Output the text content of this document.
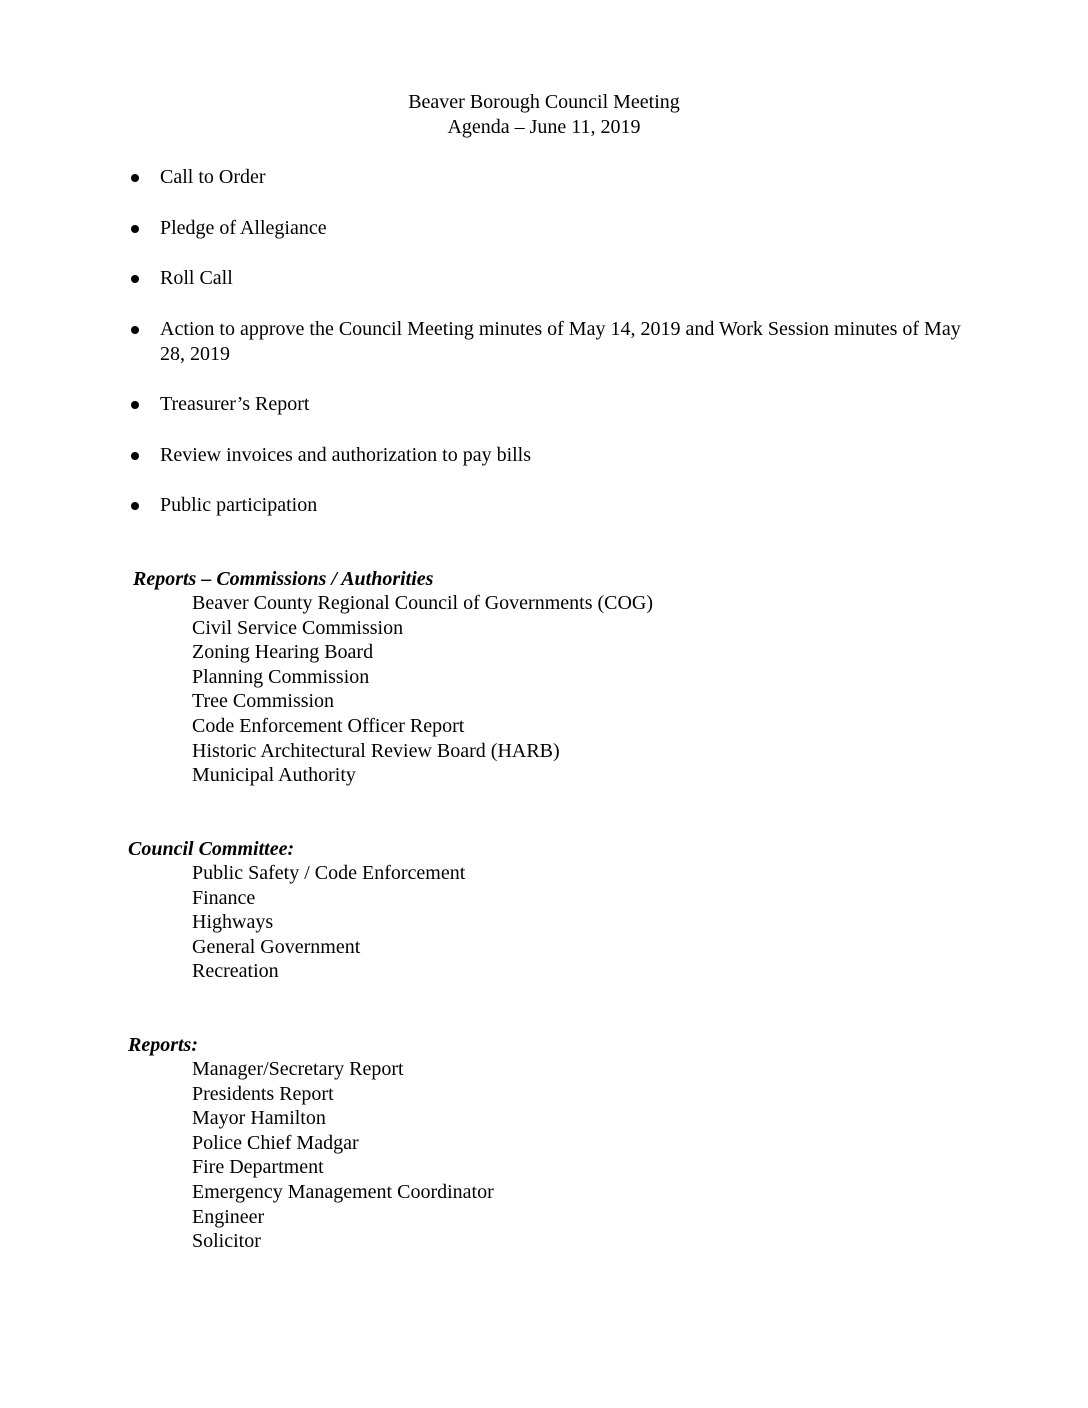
Beaver Borough Council Meeting
Agenda – June 11, 2019
Call to Order
Pledge of Allegiance
Roll Call
Action to approve the Council Meeting minutes of May 14, 2019 and Work Session minutes of May 28, 2019
Treasurer’s Report
Review invoices and authorization to pay bills
Public participation
Reports – Commissions / Authorities
Beaver County Regional Council of Governments (COG)
Civil Service Commission
Zoning Hearing Board
Planning Commission
Tree Commission
Code Enforcement Officer Report
Historic Architectural Review Board (HARB)
Municipal Authority
Council Committee:
Public Safety / Code Enforcement
Finance
Highways
General Government
Recreation
Reports:
Manager/Secretary Report
Presidents Report
Mayor Hamilton
Police Chief Madgar
Fire Department
Emergency Management Coordinator
Engineer
Solicitor
